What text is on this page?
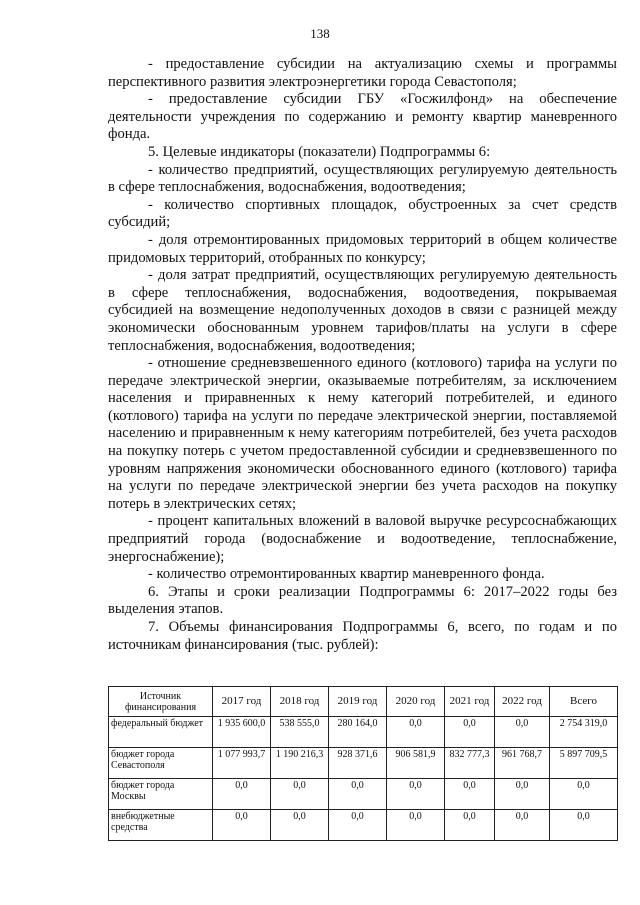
138

- предоставление субсидии на актуализацию схемы и программы перспективного развития электроэнергетики города Севастополя;

- предоставление субсидии ГБУ «Госжилфонд» на обеспечение деятельности учреждения по содержанию и ремонту квартир маневренного фонда.

5. Целевые индикаторы (показатели) Подпрограммы 6:

- количество предприятий, осуществляющих регулируемую деятельность в сфере теплоснабжения, водоснабжения, водоотведения;

- количество спортивных площадок, обустроенных за счет средств субсидий;

- доля отремонтированных придомовых территорий в общем количестве придомовых территорий, отобранных по конкурсу;

- доля затрат предприятий, осуществляющих регулируемую деятельность в сфере теплоснабжения, водоснабжения, водоотведения, покрываемая субсидией на возмещение недополученных доходов в связи с разницей между экономически обоснованным уровнем тарифов/платы на услуги в сфере теплоснабжения, водоснабжения, водоотведения;

- отношение средневзвешенного единого (котлового) тарифа на услуги по передаче электрической энергии, оказываемые потребителям, за исключением населения и приравненных к нему категорий потребителей, и единого (котлового) тарифа на услуги по передаче электрической энергии, поставляемой населению и приравненным к нему категориям потребителей, без учета расходов на покупку потерь с учетом предоставленной субсидии и средневзвешенного по уровням напряжения экономически обоснованного единого (котлового) тарифа на услуги по передаче электрической энергии без учета расходов на покупку потерь в электрических сетях;

- процент капитальных вложений в валовой выручке ресурсоснабжающих предприятий города (водоснабжение и водоотведение, теплоснабжение, энергоснабжение);

- количество отремонтированных квартир маневренного фонда.

6. Этапы и сроки реализации Подпрограммы 6: 2017–2022 годы без выделения этапов.

7. Объемы финансирования Подпрограммы 6, всего, по годам и по источникам финансирования (тыс. рублей):

Источник финансирования	2017 год	2018 год	2019 год	2020 год	2021 год	2022 год	Всего
федеральный бюджет	1 935 600,0	538 555,0	280 164,0	0,0	0,0	0,0	2 754 319,0
бюджет города Севастополя	1 077 993,7	1 190 216,3	928 371,6	906 581,9	832 777,3	961 768,7	5 897 709,5
бюджет города Москвы	0,0	0,0	0,0	0,0	0,0	0,0	0,0
внебюджетные средства	0,0	0,0	0,0	0,0	0,0	0,0	0,0
